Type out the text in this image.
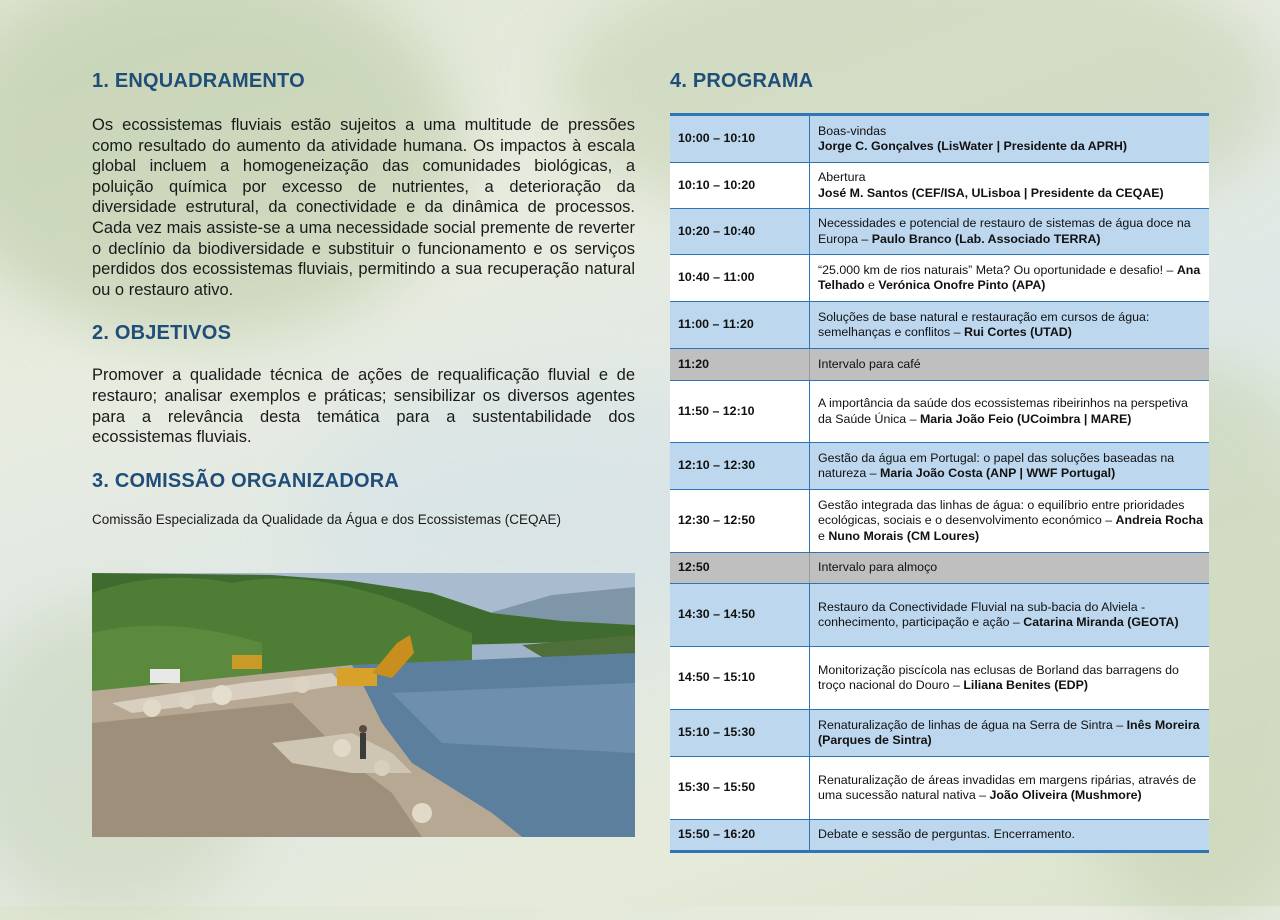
1. ENQUADRAMENTO

Os ecossistemas fluviais estão sujeitos a uma multitude de pressões como resultado do aumento da atividade humana. Os impactos à escala global incluem a homogeneização das comunidades biológicas, a poluição química por excesso de nutrientes, a deterioração da diversidade estrutural, da conectividade e da dinâmica de processos. Cada vez mais assiste-se a uma necessidade social premente de reverter o declínio da biodiversidade e substituir o funcionamento e os serviços perdidos dos ecossistemas fluviais, permitindo a sua recuperação natural ou o restauro ativo.

2. OBJETIVOS

Promover a qualidade técnica de ações de requalificação fluvial e de restauro; analisar exemplos e práticas; sensibilizar os diversos agentes para a relevância desta temática para a sustentabilidade dos ecossistemas fluviais.

3. COMISSÃO ORGANIZADORA

Comissão Especializada da Qualidade da Água e dos Ecossistemas (CEQAE)

4. PROGRAMA
10:00 – 10:10	Boas-vindas
Jorge C. Gonçalves (LisWater | Presidente da APRH)
10:10 – 10:20	Abertura
José M. Santos (CEF/ISA, ULisboa | Presidente da CEQAE)
10:20 – 10:40	Necessidades e potencial de restauro de sistemas de água doce na Europa – Paulo Branco (Lab. Associado TERRA)
10:40 – 11:00	“25.000 km de rios naturais” Meta? Ou oportunidade e desafio! – Ana Telhado e Verónica Onofre Pinto (APA)
11:00 – 11:20	Soluções de base natural e restauração em cursos de água: semelhanças e conflitos – Rui Cortes (UTAD)
11:20	Intervalo para café
11:50 – 12:10	A importância da saúde dos ecossistemas ribeirinhos na perspetiva da Saúde Única – Maria João Feio (UCoimbra | MARE)
12:10 – 12:30	Gestão da água em Portugal: o papel das soluções baseadas na natureza – Maria João Costa (ANP | WWF Portugal)
12:30 – 12:50	Gestão integrada das linhas de água: o equilíbrio entre prioridades ecológicas, sociais e o desenvolvimento económico – Andreia Rocha e Nuno Morais (CM Loures)
12:50	Intervalo para almoço
14:30 – 14:50	Restauro da Conectividade Fluvial na sub-bacia do Alviela - conhecimento, participação e ação – Catarina Miranda (GEOTA)
14:50 – 15:10	Monitorização piscícola nas eclusas de Borland das barragens do troço nacional do Douro – Liliana Benites (EDP)
15:10 – 15:30	Renaturalização de linhas de água na Serra de Sintra – Inês Moreira (Parques de Sintra)
15:30 – 15:50	Renaturalização de áreas invadidas em margens ripárias, através de uma sucessão natural nativa – João Oliveira (Mushmore)
15:50 – 16:20	Debate e sessão de perguntas. Encerramento.
